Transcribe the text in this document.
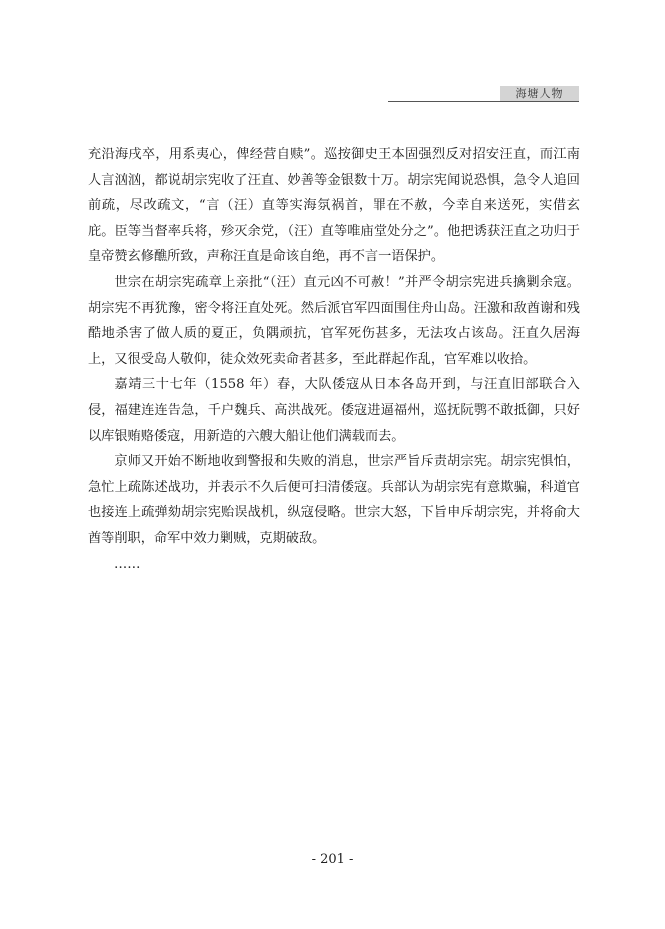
海塘人物

充沿海戌卒，用系夷心，俾经营自赎”。巡按御史王本固强烈反对招安汪直，而江南人言汹汹，都说胡宗宪收了汪直、妙善等金银数十万。胡宗宪闻说恐惧，急令人追回前疏，尽改疏文，“言（汪）直等实海氛祸首，罪在不赦，今幸自来送死，实借玄庇。臣等当督率兵将，殄灭余党，（汪）直等唯庙堂处分之”。他把诱获汪直之功归于皇帝赞玄修醮所致，声称汪直是命该自绝，再不言一语保护。

世宗在胡宗宪疏章上亲批“（汪）直元凶不可赦！”并严令胡宗宪进兵擒剿余寇。胡宗宪不再犹豫，密令将汪直处死。然后派官军四面围住舟山岛。汪激和敌酋谢和残酷地杀害了做人质的夏正，负隅顽抗，官军死伤甚多，无法攻占该岛。汪直久居海上，又很受岛人敬仰，徒众效死卖命者甚多，至此群起作乱，官军难以收拾。

嘉靖三十七年（1558 年）春，大队倭寇从日本各岛开到，与汪直旧部联合入侵，福建连连告急，千户魏兵、高洪战死。倭寇进逼福州，巡抚阮鹗不敢抵御，只好以库银贿赂倭寇，用新造的六艘大船让他们满载而去。

京师又开始不断地收到警报和失败的消息，世宗严旨斥责胡宗宪。胡宗宪惧怕，急忙上疏陈述战功，并表示不久后便可扫清倭寇。兵部认为胡宗宪有意欺骗，科道官也接连上疏弹劾胡宗宪贻误战机，纵寇侵略。世宗大怒，下旨申斥胡宗宪，并将俞大酋等削职，命军中效力剿贼，克期破敌。

……

- 201 -
